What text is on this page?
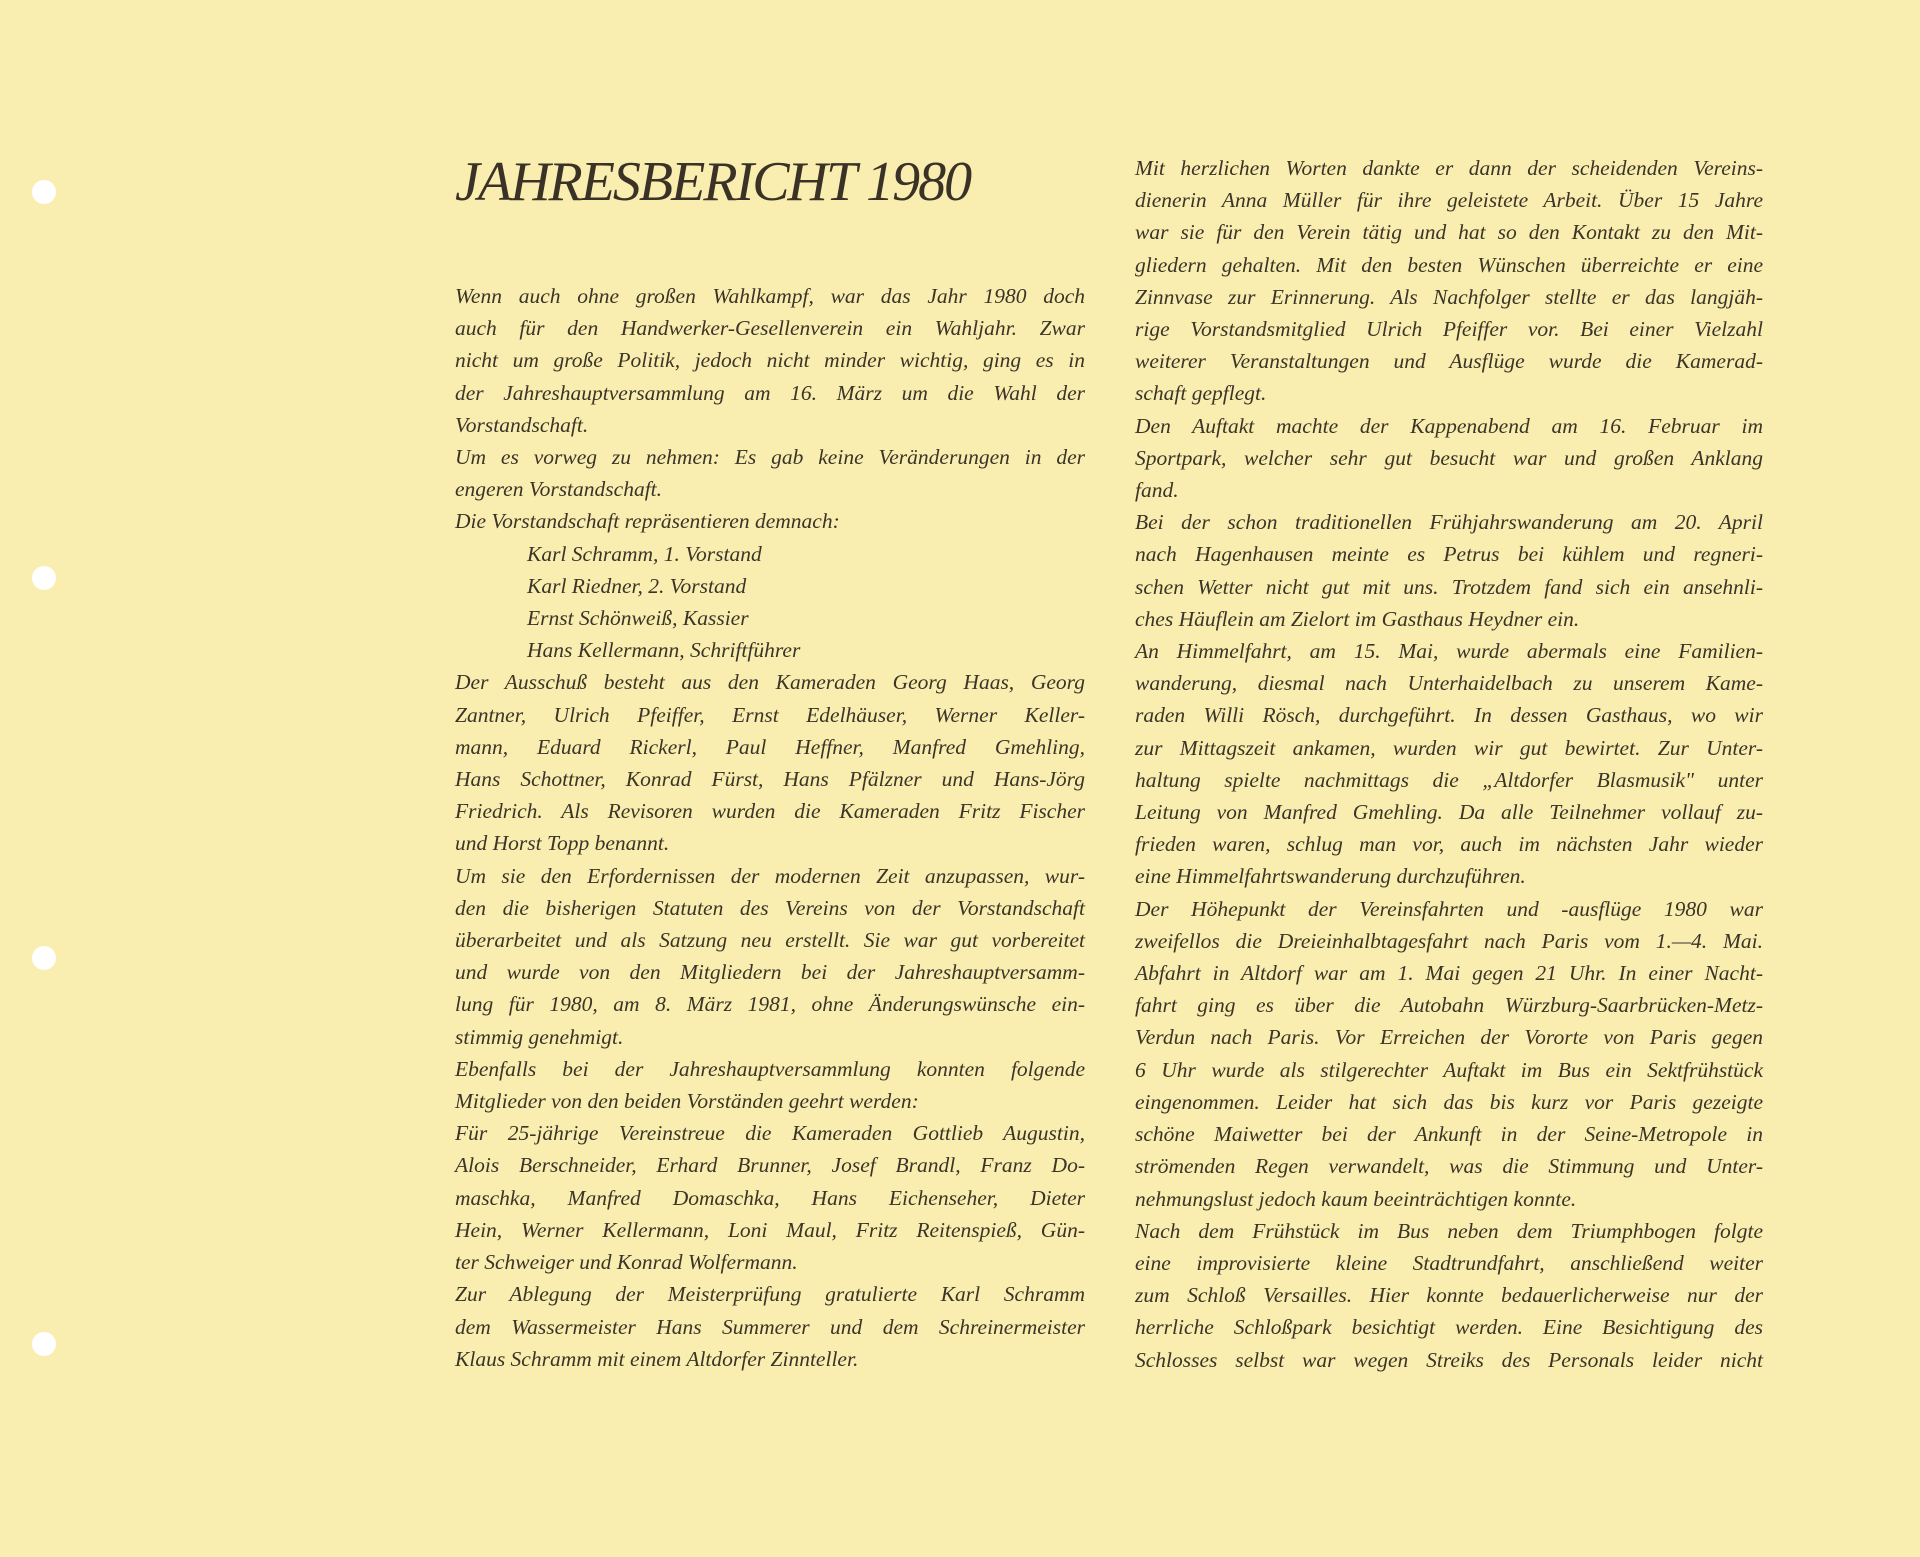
JAHRESBERICHT 1980
Wenn auch ohne großen Wahlkampf, war das Jahr 1980 doch
auch für den Handwerker-Gesellenverein ein Wahljahr. Zwar
nicht um große Politik, jedoch nicht minder wichtig, ging es in
der Jahreshauptversammlung am 16. März um die Wahl der
Vorstandschaft.
Um es vorweg zu nehmen: Es gab keine Veränderungen in der
engeren Vorstandschaft.
Die Vorstandschaft repräsentieren demnach:
Karl Schramm, 1. Vorstand
Karl Riedner, 2. Vorstand
Ernst Schönweiß, Kassier
Hans Kellermann, Schriftführer
Der Ausschuß besteht aus den Kameraden Georg Haas, Georg
Zantner, Ulrich Pfeiffer, Ernst Edelhäuser, Werner Keller-
mann, Eduard Rickerl, Paul Heffner, Manfred Gmehling,
Hans Schottner, Konrad Fürst, Hans Pfälzner und Hans-Jörg
Friedrich. Als Revisoren wurden die Kameraden Fritz Fischer
und Horst Topp benannt.
Um sie den Erfordernissen der modernen Zeit anzupassen, wur-
den die bisherigen Statuten des Vereins von der Vorstandschaft
überarbeitet und als Satzung neu erstellt. Sie war gut vorbereitet
und wurde von den Mitgliedern bei der Jahreshauptversamm-
lung für 1980, am 8. März 1981, ohne Änderungswünsche ein-
stimmig genehmigt.
Ebenfalls bei der Jahreshauptversammlung konnten folgende
Mitglieder von den beiden Vorständen geehrt werden:
Für 25-jährige Vereinstreue die Kameraden Gottlieb Augustin,
Alois Berschneider, Erhard Brunner, Josef Brandl, Franz Do-
maschka, Manfred Domaschka, Hans Eichenseher, Dieter
Hein, Werner Kellermann, Loni Maul, Fritz Reitenspieß, Gün-
ter Schweiger und Konrad Wolfermann.
Zur Ablegung der Meisterprüfung gratulierte Karl Schramm
dem Wassermeister Hans Summerer und dem Schreinermeister
Klaus Schramm mit einem Altdorfer Zinnteller.
Mit herzlichen Worten dankte er dann der scheidenden Vereins-
dienerin Anna Müller für ihre geleistete Arbeit. Über 15 Jahre
war sie für den Verein tätig und hat so den Kontakt zu den Mit-
gliedern gehalten. Mit den besten Wünschen überreichte er eine
Zinnvase zur Erinnerung. Als Nachfolger stellte er das langjäh-
rige Vorstandsmitglied Ulrich Pfeiffer vor. Bei einer Vielzahl
weiterer Veranstaltungen und Ausflüge wurde die Kamerad-
schaft gepflegt.
Den Auftakt machte der Kappenabend am 16. Februar im
Sportpark, welcher sehr gut besucht war und großen Anklang
fand.
Bei der schon traditionellen Frühjahrswanderung am 20. April
nach Hagenhausen meinte es Petrus bei kühlem und regneri-
schen Wetter nicht gut mit uns. Trotzdem fand sich ein ansehnli-
ches Häuflein am Zielort im Gasthaus Heydner ein.
An Himmelfahrt, am 15. Mai, wurde abermals eine Familien-
wanderung, diesmal nach Unterhaidelbach zu unserem Kame-
raden Willi Rösch, durchgeführt. In dessen Gasthaus, wo wir
zur Mittagszeit ankamen, wurden wir gut bewirtet. Zur Unter-
haltung spielte nachmittags die „Altdorfer Blasmusik" unter
Leitung von Manfred Gmehling. Da alle Teilnehmer vollauf zu-
frieden waren, schlug man vor, auch im nächsten Jahr wieder
eine Himmelfahrtswanderung durchzuführen.
Der Höhepunkt der Vereinsfahrten und -ausflüge 1980 war
zweifellos die Dreieinhalbtagesfahrt nach Paris vom 1.—4. Mai.
Abfahrt in Altdorf war am 1. Mai gegen 21 Uhr. In einer Nacht-
fahrt ging es über die Autobahn Würzburg-Saarbrücken-Metz-
Verdun nach Paris. Vor Erreichen der Vororte von Paris gegen
6 Uhr wurde als stilgerechter Auftakt im Bus ein Sektfrühstück
eingenommen. Leider hat sich das bis kurz vor Paris gezeigte
schöne Maiwetter bei der Ankunft in der Seine-Metropole in
strömenden Regen verwandelt, was die Stimmung und Unter-
nehmungslust jedoch kaum beeinträchtigen konnte.
Nach dem Frühstück im Bus neben dem Triumphbogen folgte
eine improvisierte kleine Stadtrundfahrt, anschließend weiter
zum Schloß Versailles. Hier konnte bedauerlicherweise nur der
herrliche Schloßpark besichtigt werden. Eine Besichtigung des
Schlosses selbst war wegen Streiks des Personals leider nicht
